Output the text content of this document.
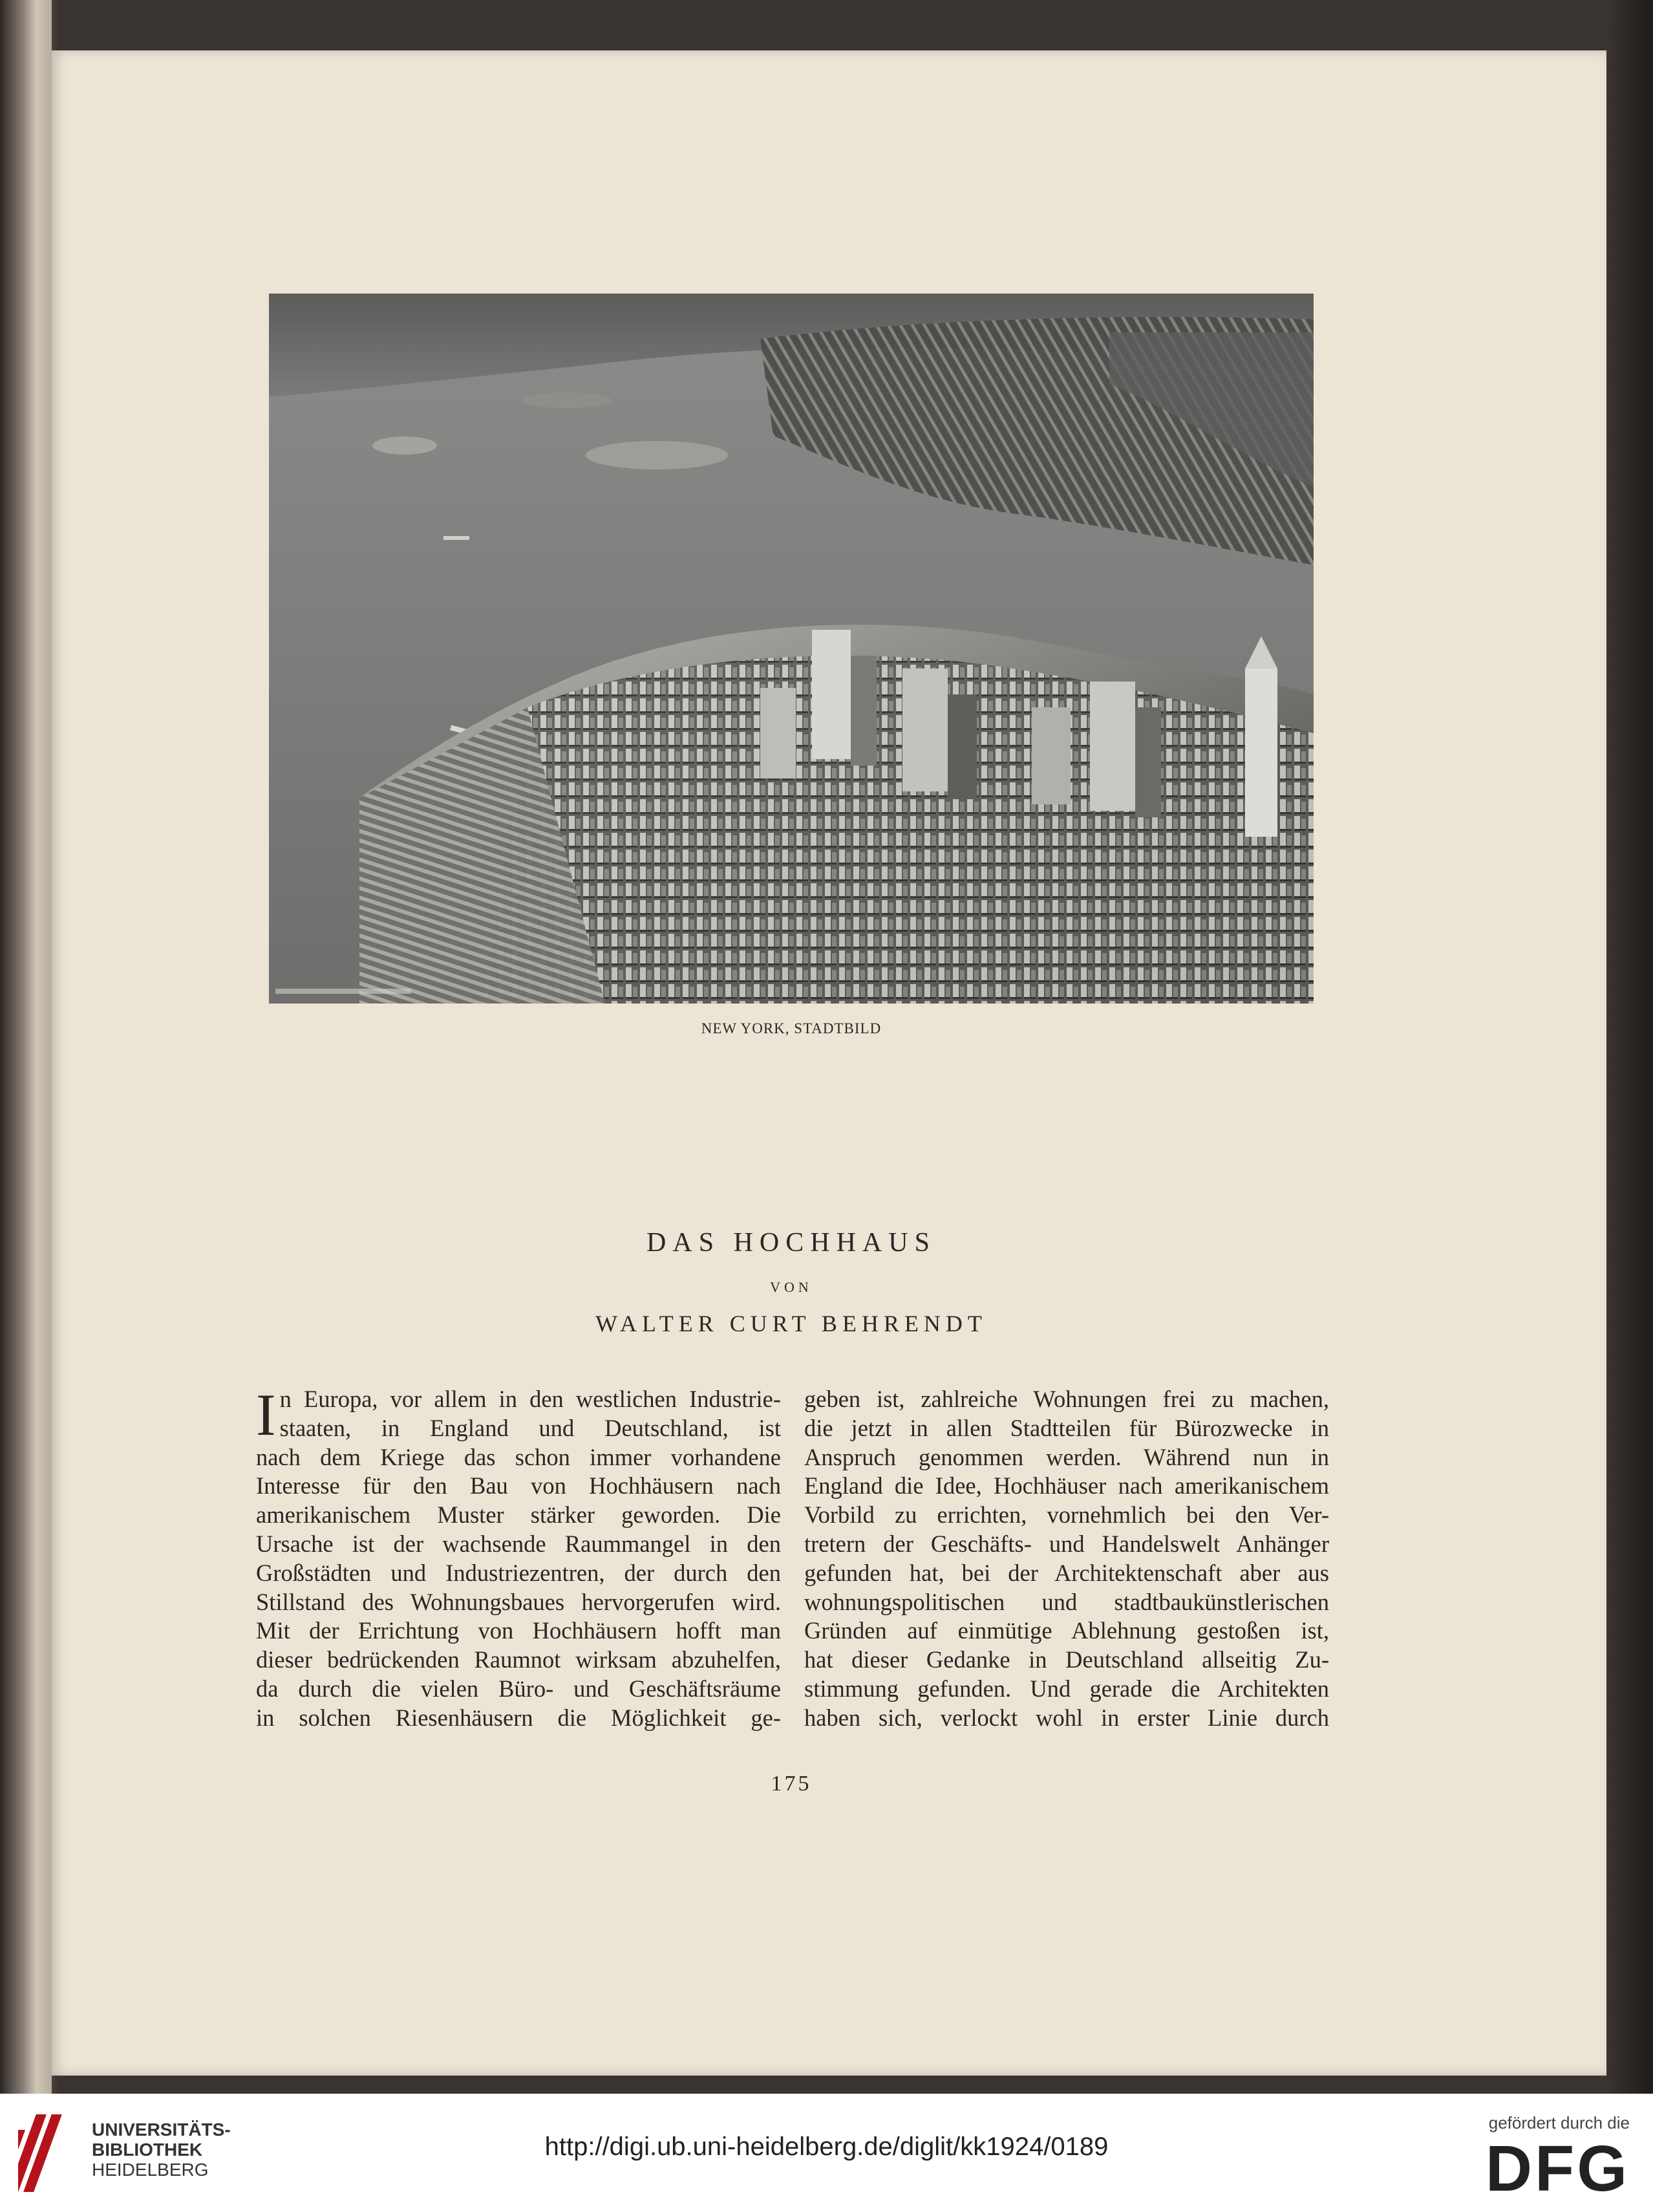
NEW YORK, STADTBILD
DAS HOCHHAUS
VON
WALTER CURT BEHRENDT
I n Europa, vor allem in den westlichen Industrie-
staaten, in England und Deutschland, ist
nach dem Kriege das schon immer vorhandene
Interesse für den Bau von Hochhäusern nach
amerikanischem Muster stärker geworden. Die
Ursache ist der wachsende Raummangel in den
Großstädten und Industriezentren, der durch den
Stillstand des Wohnungsbaues hervorgerufen wird.
Mit der Errichtung von Hochhäusern hofft man
dieser bedrückenden Raumnot wirksam abzuhelfen,
da durch die vielen Büro- und Geschäftsräume
in solchen Riesenhäusern die Möglichkeit ge-
geben ist, zahlreiche Wohnungen frei zu machen,
die jetzt in allen Stadtteilen für Bürozwecke in
Anspruch genommen werden. Während nun in
England die Idee, Hochhäuser nach amerikanischem
Vorbild zu errichten, vornehmlich bei den Ver-
tretern der Geschäfts- und Handelswelt Anhänger
gefunden hat, bei der Architektenschaft aber aus
wohnungspolitischen und stadtbaukünstlerischen
Gründen auf einmütige Ablehnung gestoßen ist,
hat dieser Gedanke in Deutschland allseitig Zu-
stimmung gefunden. Und gerade die Architekten
haben sich, verlockt wohl in erster Linie durch
175
UNIVERSITÄTS-
BIBLIOTHEK
HEIDELBERG
http://digi.ub.uni-heidelberg.de/diglit/kk1924/0189
gefördert durch die
DFG
